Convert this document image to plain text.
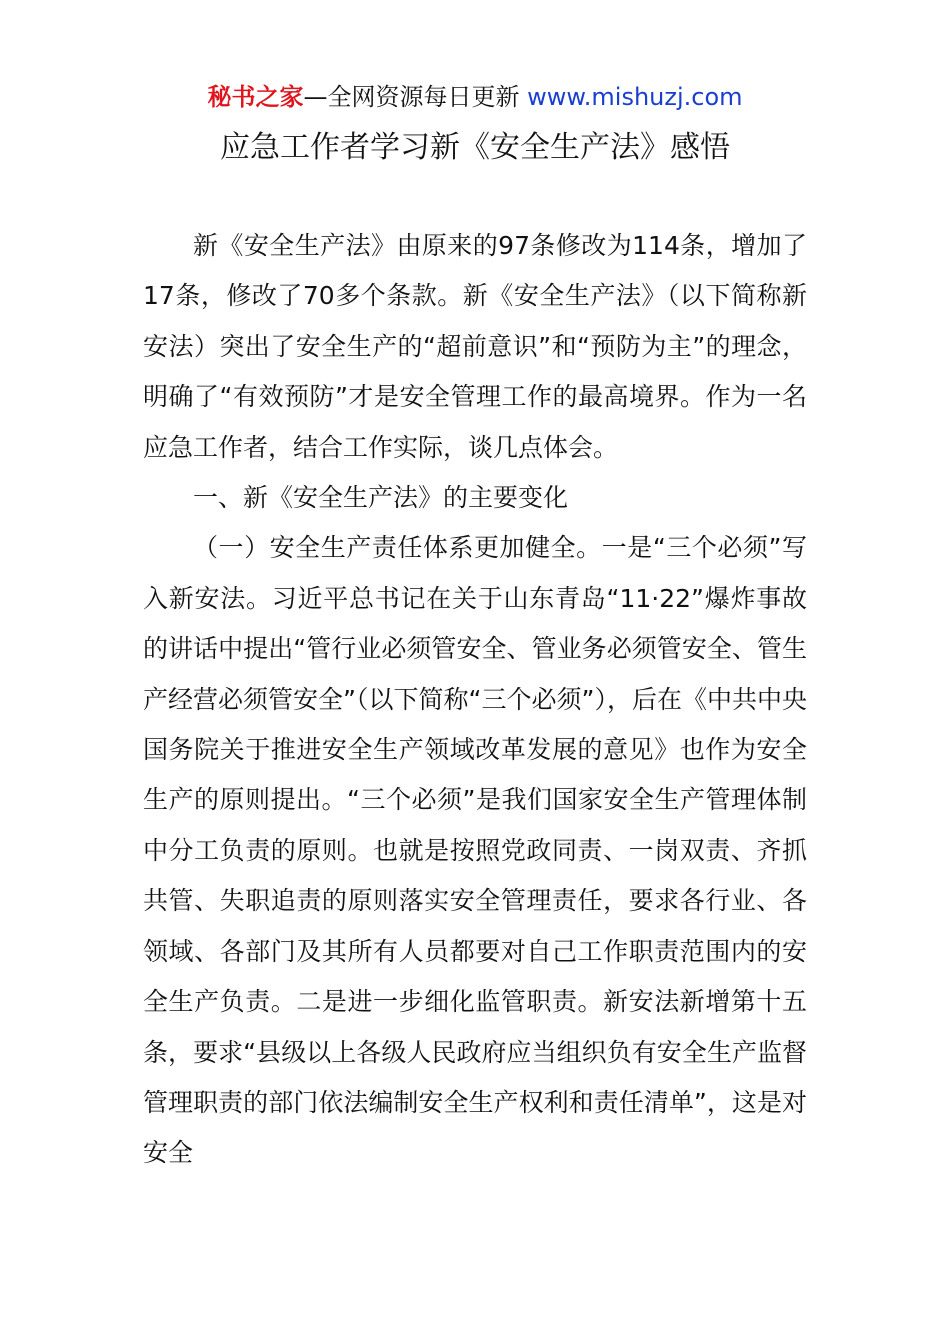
秘书之家—全网资源每日更新 www.mishuzj.com
应急工作者学习新《安全生产法》感悟

新《安全生产法》由原来的97条修改为114条，增加了17条，修改了70多个条款。新《安全生产法》（以下简称新安法）突出了安全生产的“超前意识”和“预防为主”的理念，明确了“有效预防”才是安全管理工作的最高境界。作为一名应急工作者，结合工作实际，谈几点体会。

一、新《安全生产法》的主要变化

（一）安全生产责任体系更加健全。一是“三个必须”写入新安法。习近平总书记在关于山东青岛“11·22”爆炸事故的讲话中提出“管行业必须管安全、管业务必须管安全、管生产经营必须管安全”（以下简称“三个必须”），后在《中共中央国务院关于推进安全生产领域改革发展的意见》也作为安全生产的原则提出。“三个必须”是我们国家安全生产管理体制中分工负责的原则。也就是按照党政同责、一岗双责、齐抓共管、失职追责的原则落实安全管理责任，要求各行业、各领域、各部门及其所有人员都要对自己工作职责范围内的安全生产负责。二是进一步细化监管职责。新安法新增第十五条，要求“县级以上各级人民政府应当组织负有安全生产监督管理职责的部门依法编制安全生产权利和责任清单”，这是对安全
